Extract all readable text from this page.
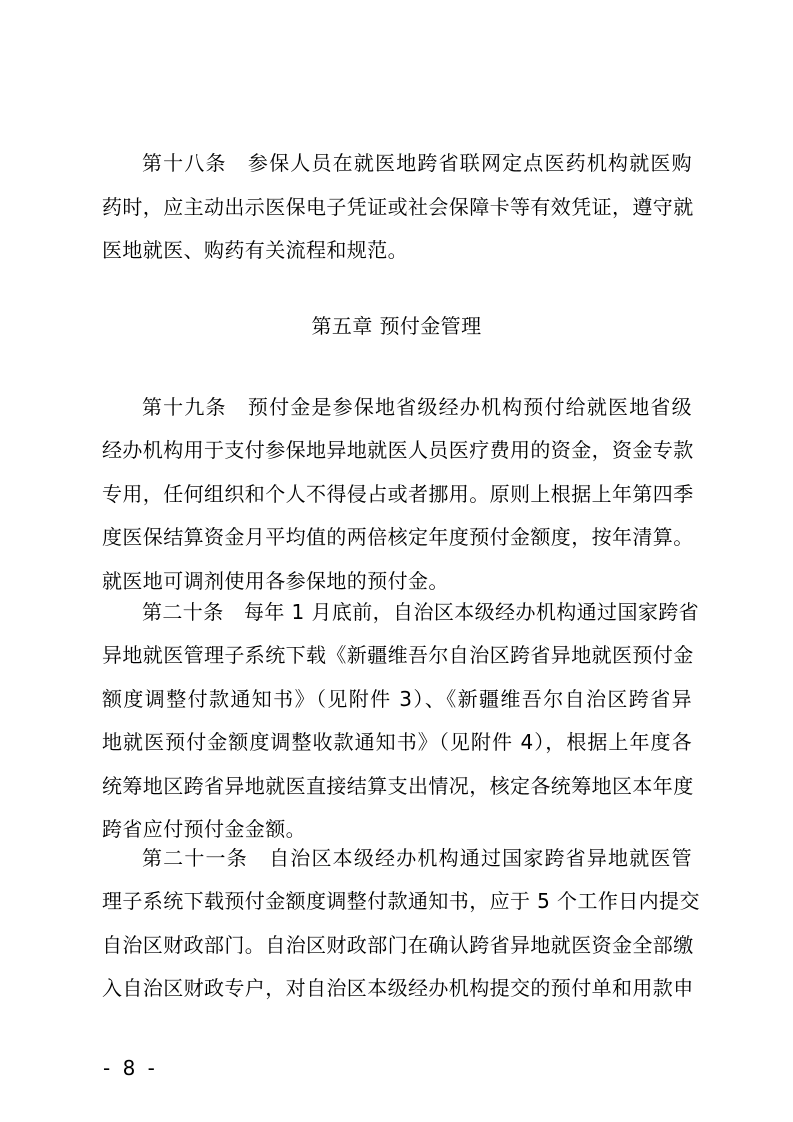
第十八条　参保人员在就医地跨省联网定点医药机构就医购
药时，应主动出示医保电子凭证或社会保障卡等有效凭证，遵守就
医地就医、购药有关流程和规范。
第五章 预付金管理
第十九条　预付金是参保地省级经办机构预付给就医地省级
经办机构用于支付参保地异地就医人员医疗费用的资金，资金专款
专用，任何组织和个人不得侵占或者挪用。原则上根据上年第四季
度医保结算资金月平均值的两倍核定年度预付金额度，按年清算。
就医地可调剂使用各参保地的预付金。
第二十条　每年 1 月底前，自治区本级经办机构通过国家跨省
异地就医管理子系统下载《新疆维吾尔自治区跨省异地就医预付金
额度调整付款通知书》（见附件 3）、《新疆维吾尔自治区跨省异
地就医预付金额度调整收款通知书》（见附件 4），根据上年度各
统筹地区跨省异地就医直接结算支出情况，核定各统筹地区本年度
跨省应付预付金金额。
第二十一条　自治区本级经办机构通过国家跨省异地就医管
理子系统下载预付金额度调整付款通知书，应于 5 个工作日内提交
自治区财政部门。自治区财政部门在确认跨省异地就医资金全部缴
入自治区财政专户，对自治区本级经办机构提交的预付单和用款申
- 8 -
